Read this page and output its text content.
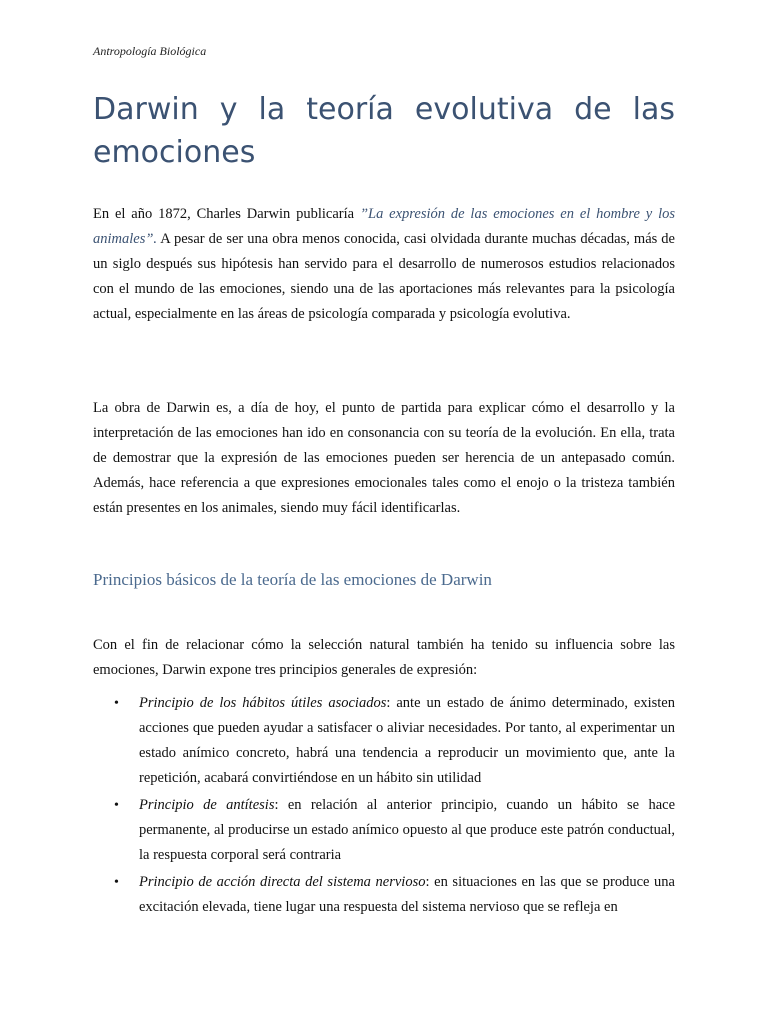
Antropología Biológica
Darwin y la teoría evolutiva de las emociones

En el año 1872, Charles Darwin publicaría ”La expresión de las emociones en el hombre y los animales”. A pesar de ser una obra menos conocida, casi olvidada durante muchas décadas, más de un siglo después sus hipótesis han servido para el desarrollo de numerosos estudios relacionados con el mundo de las emociones, siendo una de las aportaciones más relevantes para la psicología actual, especialmente en las áreas de psicología comparada y psicología evolutiva.

La obra de Darwin es, a día de hoy, el punto de partida para explicar cómo el desarrollo y la interpretación de las emociones han ido en consonancia con su teoría de la evolución. En ella, trata de demostrar que la expresión de las emociones pueden ser herencia de un antepasado común. Además, hace referencia a que expresiones emocionales tales como el enojo o la tristeza también están presentes en los animales, siendo muy fácil identificarlas.

Principios básicos de la teoría de las emociones de Darwin

Con el fin de relacionar cómo la selección natural también ha tenido su influencia sobre las emociones, Darwin expone tres principios generales de expresión:

• Principio de los hábitos útiles asociados: ante un estado de ánimo determinado, existen acciones que pueden ayudar a satisfacer o aliviar necesidades. Por tanto, al experimentar un estado anímico concreto, habrá una tendencia a reproducir un movimiento que, ante la repetición, acabará convirtiéndose en un hábito sin utilidad
• Principio de antítesis: en relación al anterior principio, cuando un hábito se hace permanente, al producirse un estado anímico opuesto al que produce este patrón conductual, la respuesta corporal será contraria
• Principio de acción directa del sistema nervioso: en situaciones en las que se produce una excitación elevada, tiene lugar una respuesta del sistema nervioso que se refleja en
